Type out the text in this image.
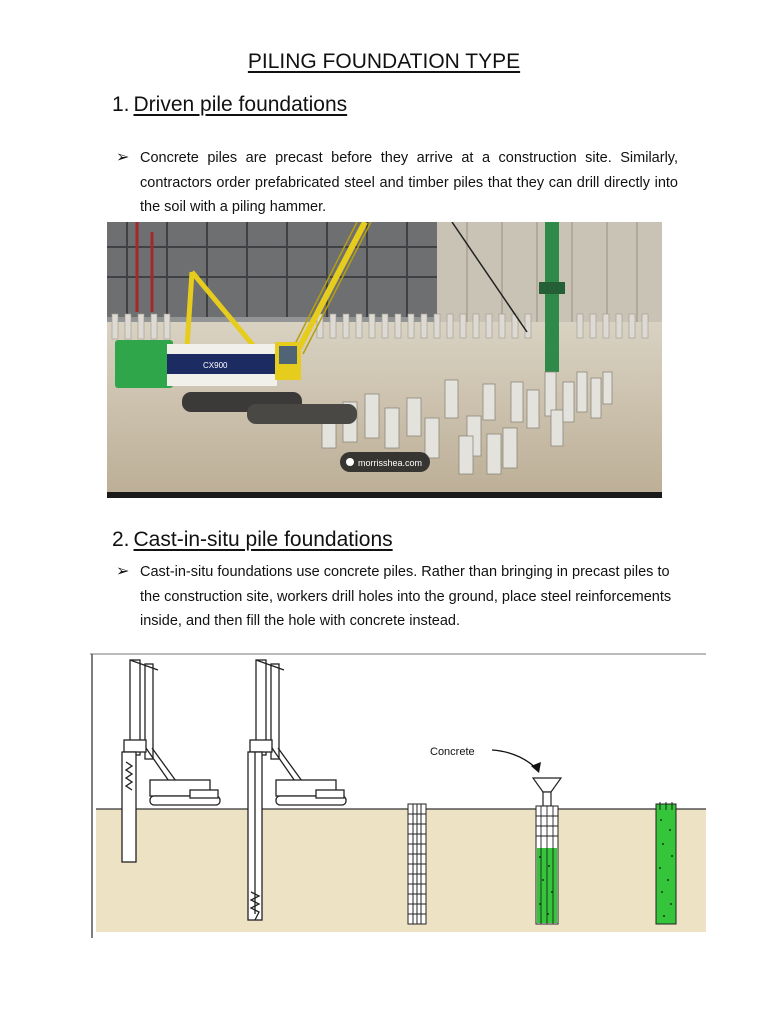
PILING FOUNDATION TYPE
1. Driven pile foundations
➢ Concrete piles are precast before they arrive at a construction site. Similarly, contractors order prefabricated steel and timber piles that they can drill directly into the soil with a piling hammer.
CX900
morrisshea.com
2. Cast-in-situ pile foundations
➢ Cast-in-situ foundations use concrete piles. Rather than bringing in precast piles to the construction site, workers drill holes into the ground, place steel reinforcements inside, and then fill the hole with concrete instead.
Concrete
